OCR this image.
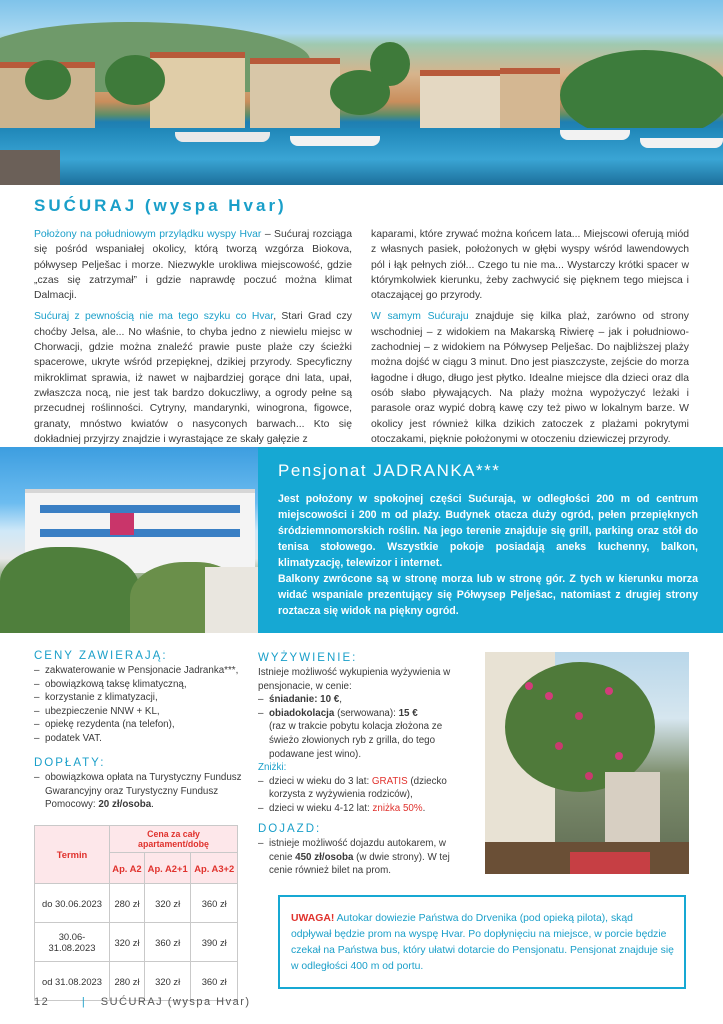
SUĆURAJ (wyspa Hvar)

Położony na południowym przylądku wyspy Hvar – Sućuraj rozciąga się pośród wspaniałej okolicy, którą tworzą wzgórza Biokova, półwysep Pelješac i morze. Niezwykle urokliwa miejscowość, gdzie „czas się zatrzymał” i gdzie naprawdę poczuć można klimat Dalmacji.

Sućuraj z pewnością nie ma tego szyku co Hvar, Stari Grad czy choćby Jelsa, ale... No właśnie, to chyba jedno z niewielu miejsc w Chorwacji, gdzie można znaleźć prawie puste plaże czy ścieżki spacerowe, ukryte wśród przepięknej, dzikiej przyrody. Specyficzny mikroklimat sprawia, iż nawet w najbardziej gorące dni lata, upał, zwłaszcza nocą, nie jest tak bardzo dokuczliwy, a ogrody pełne są przecudnej roślinności. Cytryny, mandarynki, winogrona, figowce, granaty, mnóstwo kwiatów o nasyconych barwach... Kto się dokładniej przyjrzy znajdzie i wyrastające ze skały gałęzie z

kaparami, które zrywać można końcem lata... Miejscowi oferują miód z własnych pasiek, położonych w głębi wyspy wśród lawendowych pól i łąk pełnych ziół... Czego tu nie ma... Wystarczy krótki spacer w którymkolwiek kierunku, żeby zachwycić się pięknem tego miejsca i otaczającej go przyrody.

W samym Sućuraju znajduje się kilka plaż, zarówno od strony wschodniej – z widokiem na Makarską Riwierę – jak i południowo-zachodniej – z widokiem na Półwysep Pelješac. Do najbliższej plaży można dojść w ciągu 3 minut. Dno jest piaszczyste, zejście do morza łagodne i długo, długo jest płytko. Idealne miejsce dla dzieci oraz dla osób słabo pływających. Na plaży można wypożyczyć leżaki i parasole oraz wypić dobrą kawę czy też piwo w lokalnym barze. W okolicy jest również kilka dzikich zatoczek z plażami pokrytymi otoczakami, pięknie położonymi w otoczeniu dziewiczej przyrody.

Pensjonat JADRANKA***

Jest położony w spokojnej części Sućuraja, w odległości 200 m od centrum miejscowości i 200 m od plaży. Budynek otacza duży ogród, pełen przepięknych śródziemnomorskich roślin. Na jego terenie znajduje się grill, parking oraz stół do tenisa stołowego. Wszystkie pokoje posiadają aneks kuchenny, balkon, klimatyzację, telewizor i internet.

Balkony zwrócone są w stronę morza lub w stronę gór. Z tych w kierunku morza widać wspaniale prezentujący się Półwysep Pelješac, natomiast z drugiej strony roztacza się widok na piękny ogród.

CENY ZAWIERAJĄ:
– zakwaterowanie w Pensjonacie Jadranka***,
– obowiązkową taksę klimatyczną,
– korzystanie z klimatyzacji,
– ubezpieczenie NNW + KL,
– opiekę rezydenta (na telefon),
– podatek VAT.
DOPŁATY:
– obowiązkowa opłata na Turystyczny Fundusz Gwarancyjny oraz Turystyczny Fundusz Pomocowy: 20 zł/osoba.
Termin	Cena za cały apartament/dobę		
	Ap. A2	Ap. A2+1	Ap. A3+2
do 30.06.2023	280 zł	320 zł	360 zł
30.06-31.08.2023	320 zł	360 zł	390 zł
od 31.08.2023	280 zł	320 zł	360 zł
WYŻYWIENIE:
Istnieje możliwość wykupienia wyżywienia w pensjonacie, w cenie:
– śniadanie: 10 €,
– obiadokolacja (serwowana): 15 €
(raz w trakcie pobytu kolacja złożona ze świeżo złowionych ryb z grilla, do tego podawane jest wino).
Zniżki:
– dzieci w wieku do 3 lat: GRATIS (dziecko korzysta z wyżywienia rodziców),
– dzieci w wieku 4-12 lat: zniżka 50%.
DOJAZD:
– istnieje możliwość dojazdu autokarem, w cenie 450 zł/osoba (w dwie strony). W tej cenie również bilet na prom.
UWAGA! Autokar dowiezie Państwa do Drvenika (pod opieką pilota), skąd odpływał będzie prom na wyspę Hvar. Po dopłynięciu na miejsce, w porcie będzie czekał na Państwa bus, który ułatwi dotarcie do Pensjonatu. Pensjonat znajduje się w odległości 400 m od portu.
12	| SUĆURAJ (wyspa Hvar)
